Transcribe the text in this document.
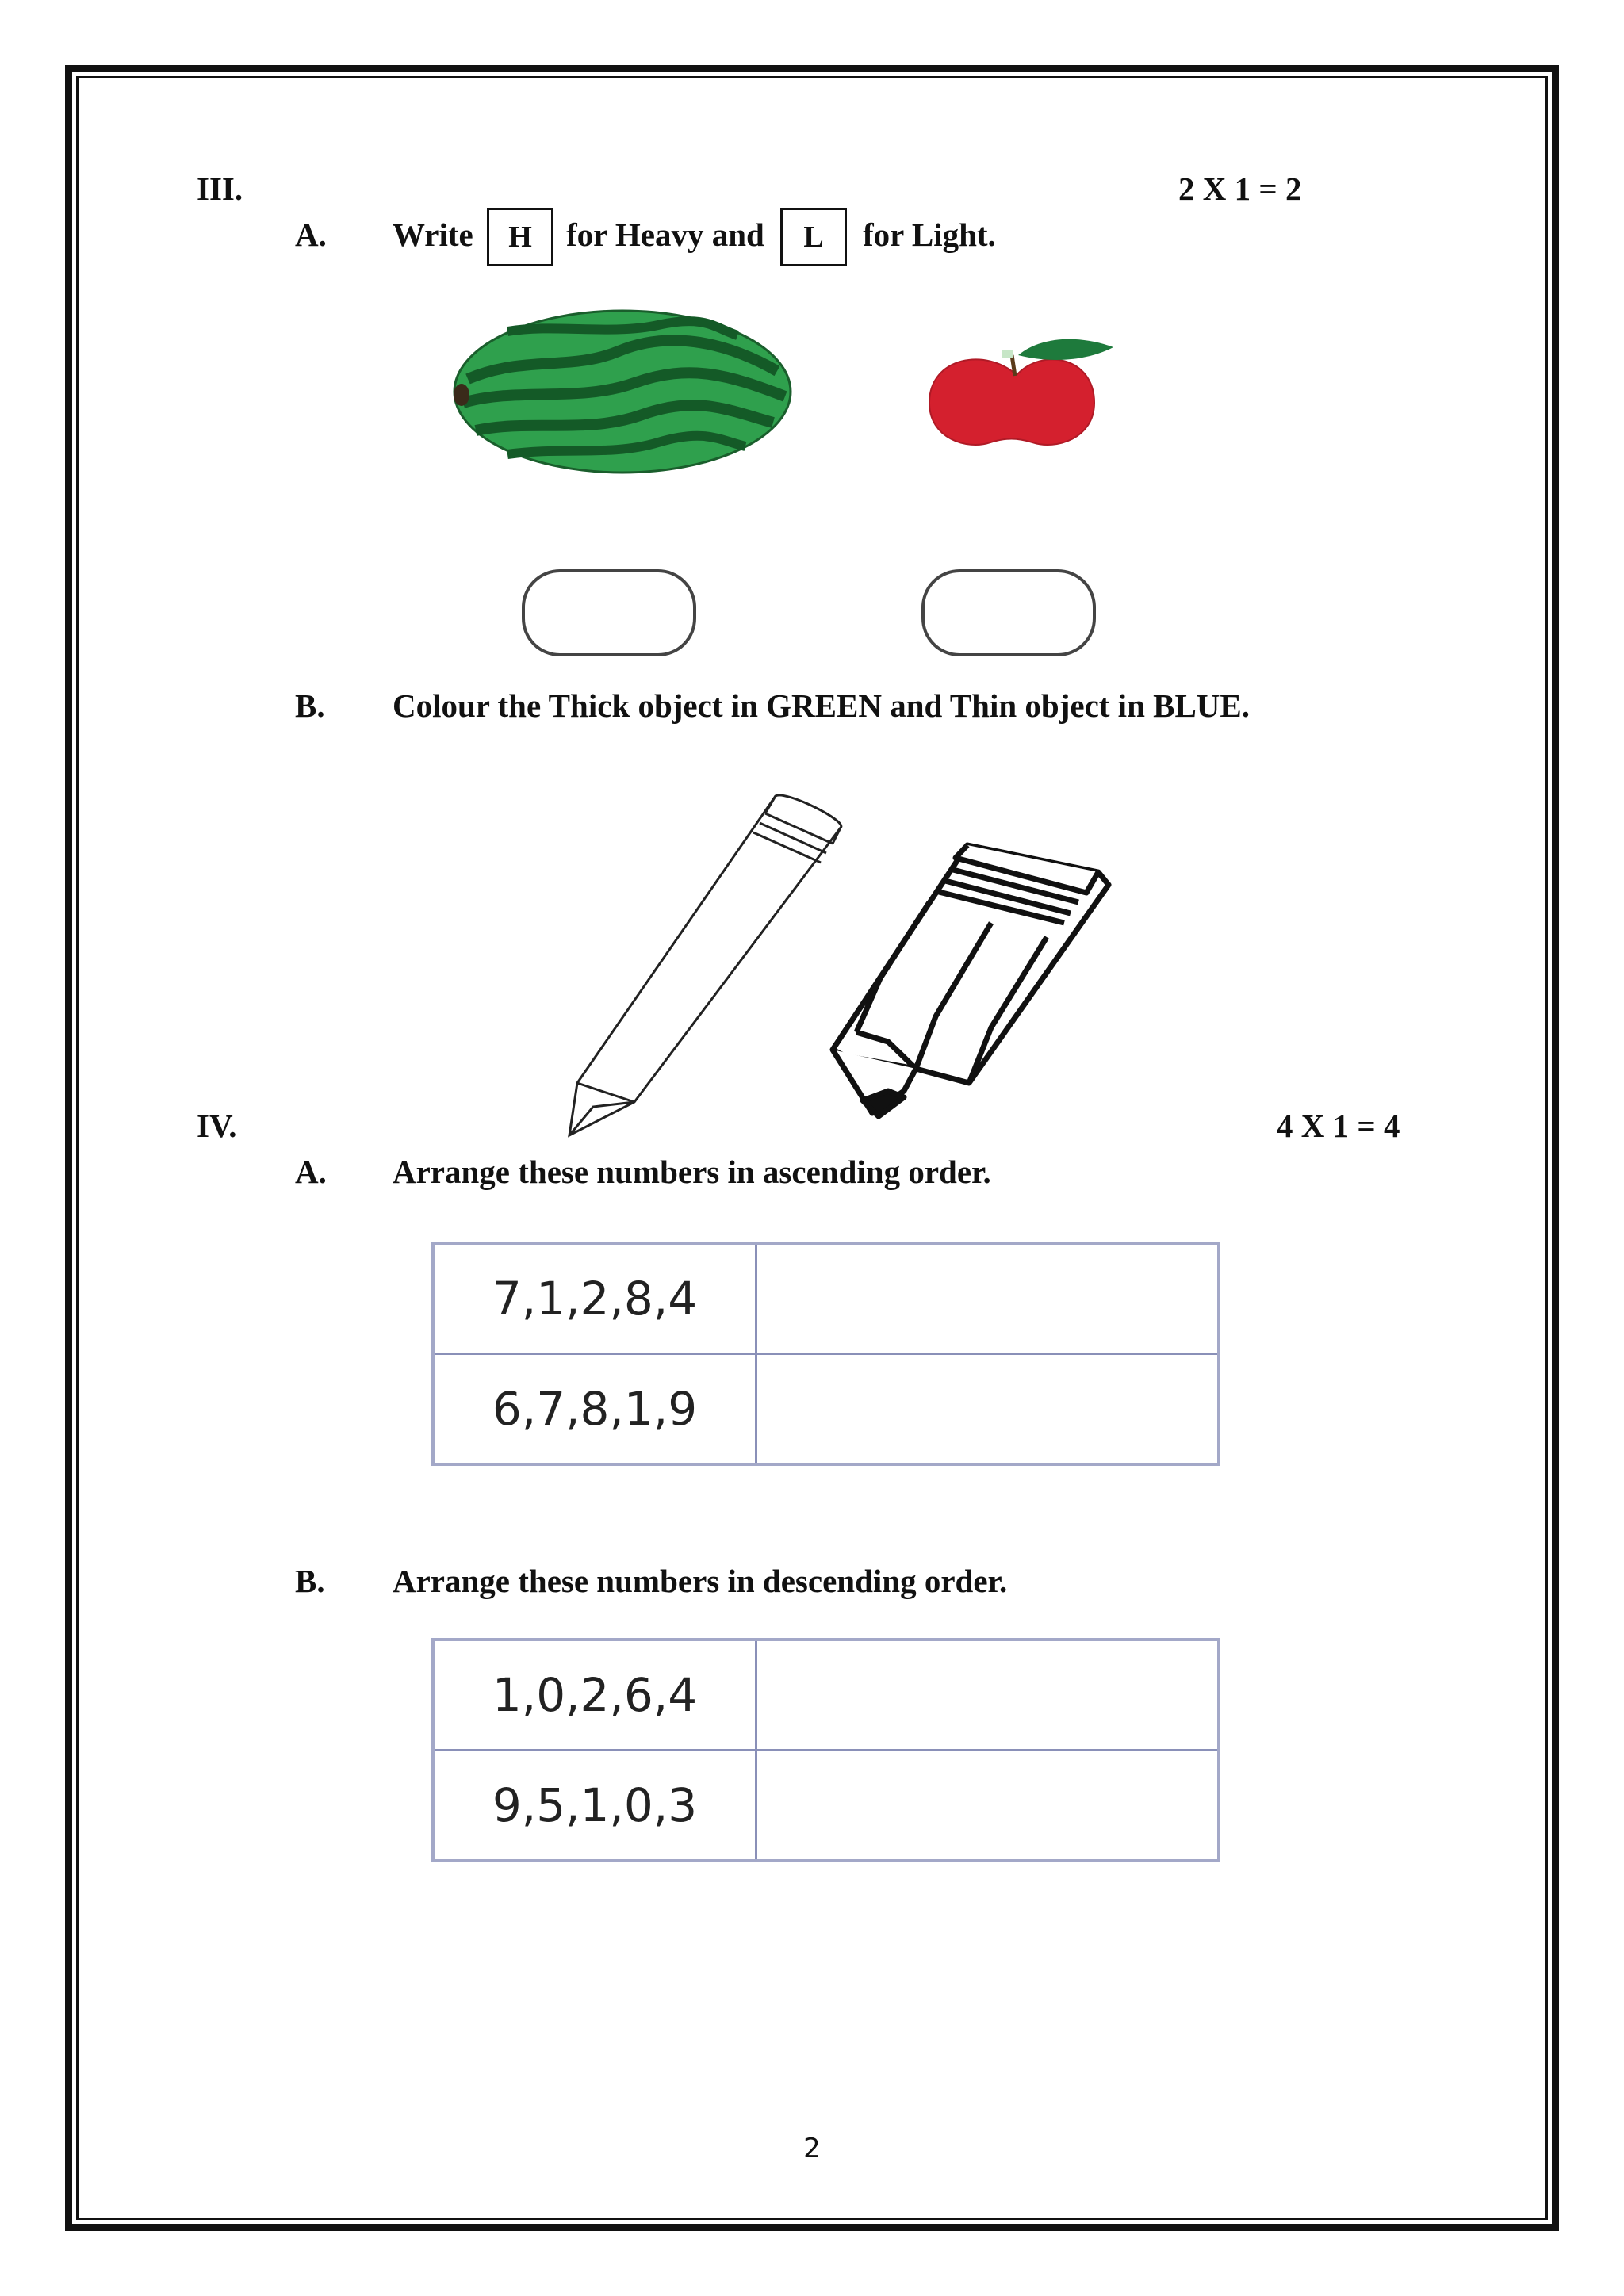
III.	2 X 1 = 2
A. Write	H	for Heavy and	L	for Light.
B. Colour the Thick object in GREEN and Thin object in BLUE.
IV.	4 X 1 = 4
A. Arrange these numbers in ascending order.
7,1,2,8,4	
6,7,8,1,9	
B. Arrange these numbers in descending order.
1,0,2,6,4	
9,5,1,0,3	
2
